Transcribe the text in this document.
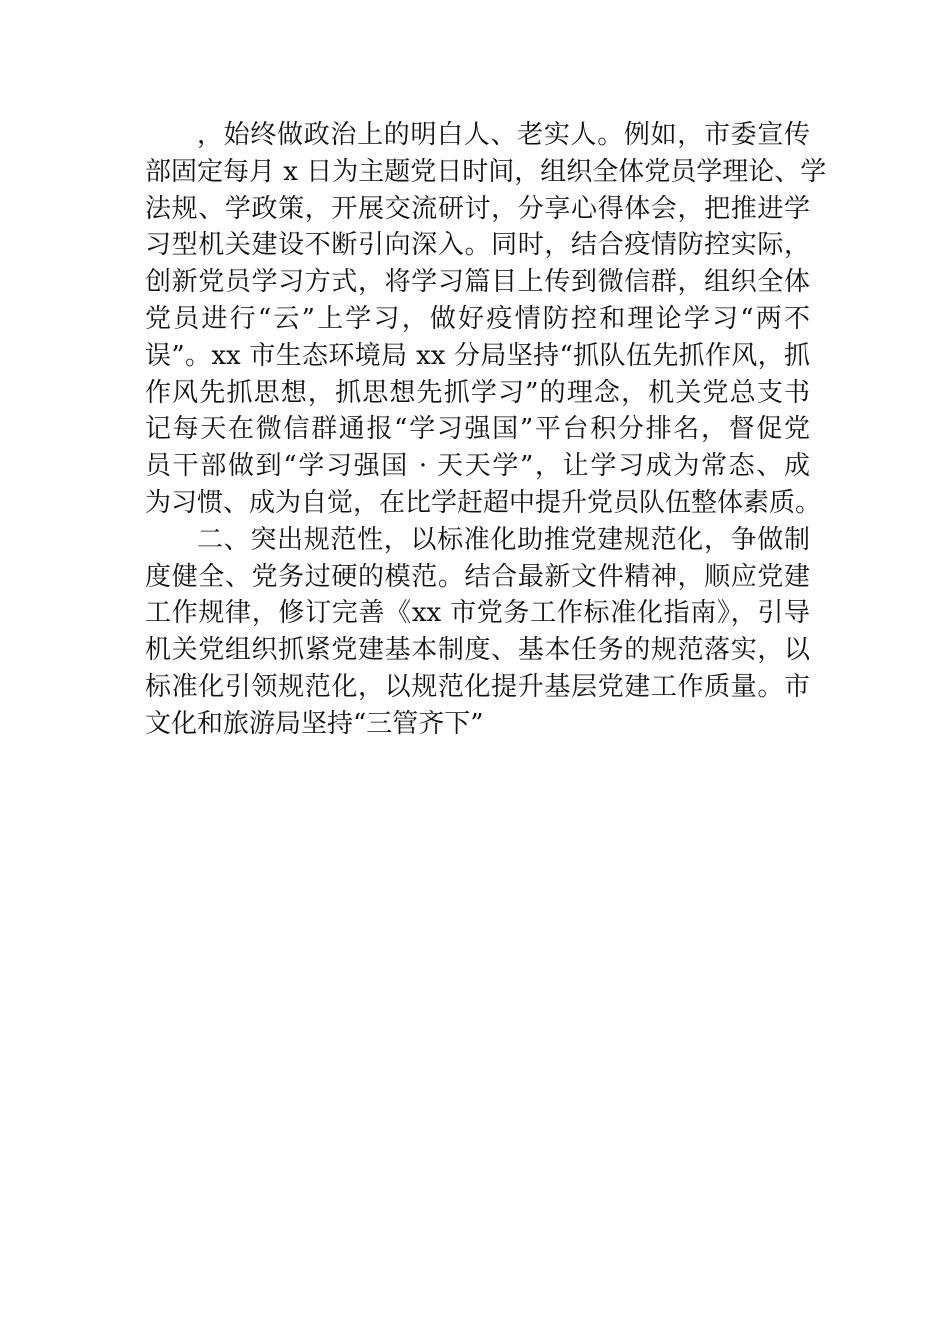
，始终做政治上的明白人、老实人。例如，市委宣传
部固定每月 x 日为主题党日时间，组织全体党员学理论、学
法规、学政策，开展交流研讨，分享心得体会，把推进学
习型机关建设不断引向深入。同时，结合疫情防控实际，
创新党员学习方式，将学习篇目上传到微信群，组织全体
党员进行“云”上学习，做好疫情防控和理论学习“两不
误”。xx 市生态环境局 xx 分局坚持“抓队伍先抓作风，抓
作风先抓思想，抓思想先抓学习”的理念，机关党总支书
记每天在微信群通报“学习强国”平台积分排名，督促党
员干部做到“学习强国 · 天天学”，让学习成为常态、成
为习惯、成为自觉，在比学赶超中提升党员队伍整体素质。
二、突出规范性，以标准化助推党建规范化，争做制
度健全、党务过硬的模范。结合最新文件精神，顺应党建
工作规律，修订完善《xx 市党务工作标准化指南》，引导
机关党组织抓紧党建基本制度、基本任务的规范落实，以
标准化引领规范化，以规范化提升基层党建工作质量。市
文化和旅游局坚持“三管齐下”
